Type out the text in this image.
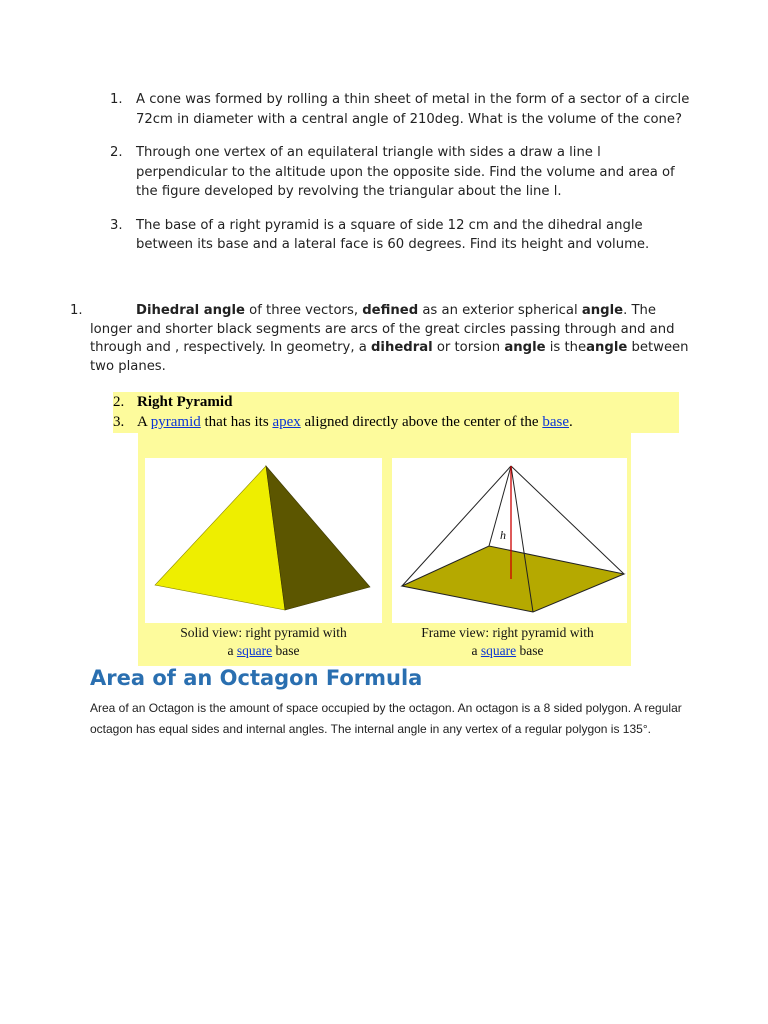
1. A cone was formed by rolling a thin sheet of metal in the form of a sector of a circle 72cm in diameter with a central angle of 210deg. What is the volume of the cone?
2. Through one vertex of an equilateral triangle with sides a draw a line l perpendicular to the altitude upon the opposite side. Find the volume and area of the figure developed by revolving the triangular about the line l.
3. The base of a right pyramid is a square of side 12 cm and the dihedral angle between its base and a lateral face is 60 degrees. Find its height and volume.
1.	Dihedral angle of three vectors, defined as an exterior spherical angle. The longer and shorter black segments are arcs of the great circles passing through and and through and , respectively. In geometry, a dihedral or torsion angle is theangle between two planes.
2. Right Pyramid
3. A pyramid that has its apex aligned directly above the center of the base.
h
Solid view: right pyramid with
a square base
Frame view: right pyramid with
a square base
Area of an Octagon Formula
Area of an Octagon is the amount of space occupied by the octagon. An octagon is a 8 sided polygon. A regular octagon has equal sides and internal angles. The internal angle in any vertex of a regular polygon is 135°.
